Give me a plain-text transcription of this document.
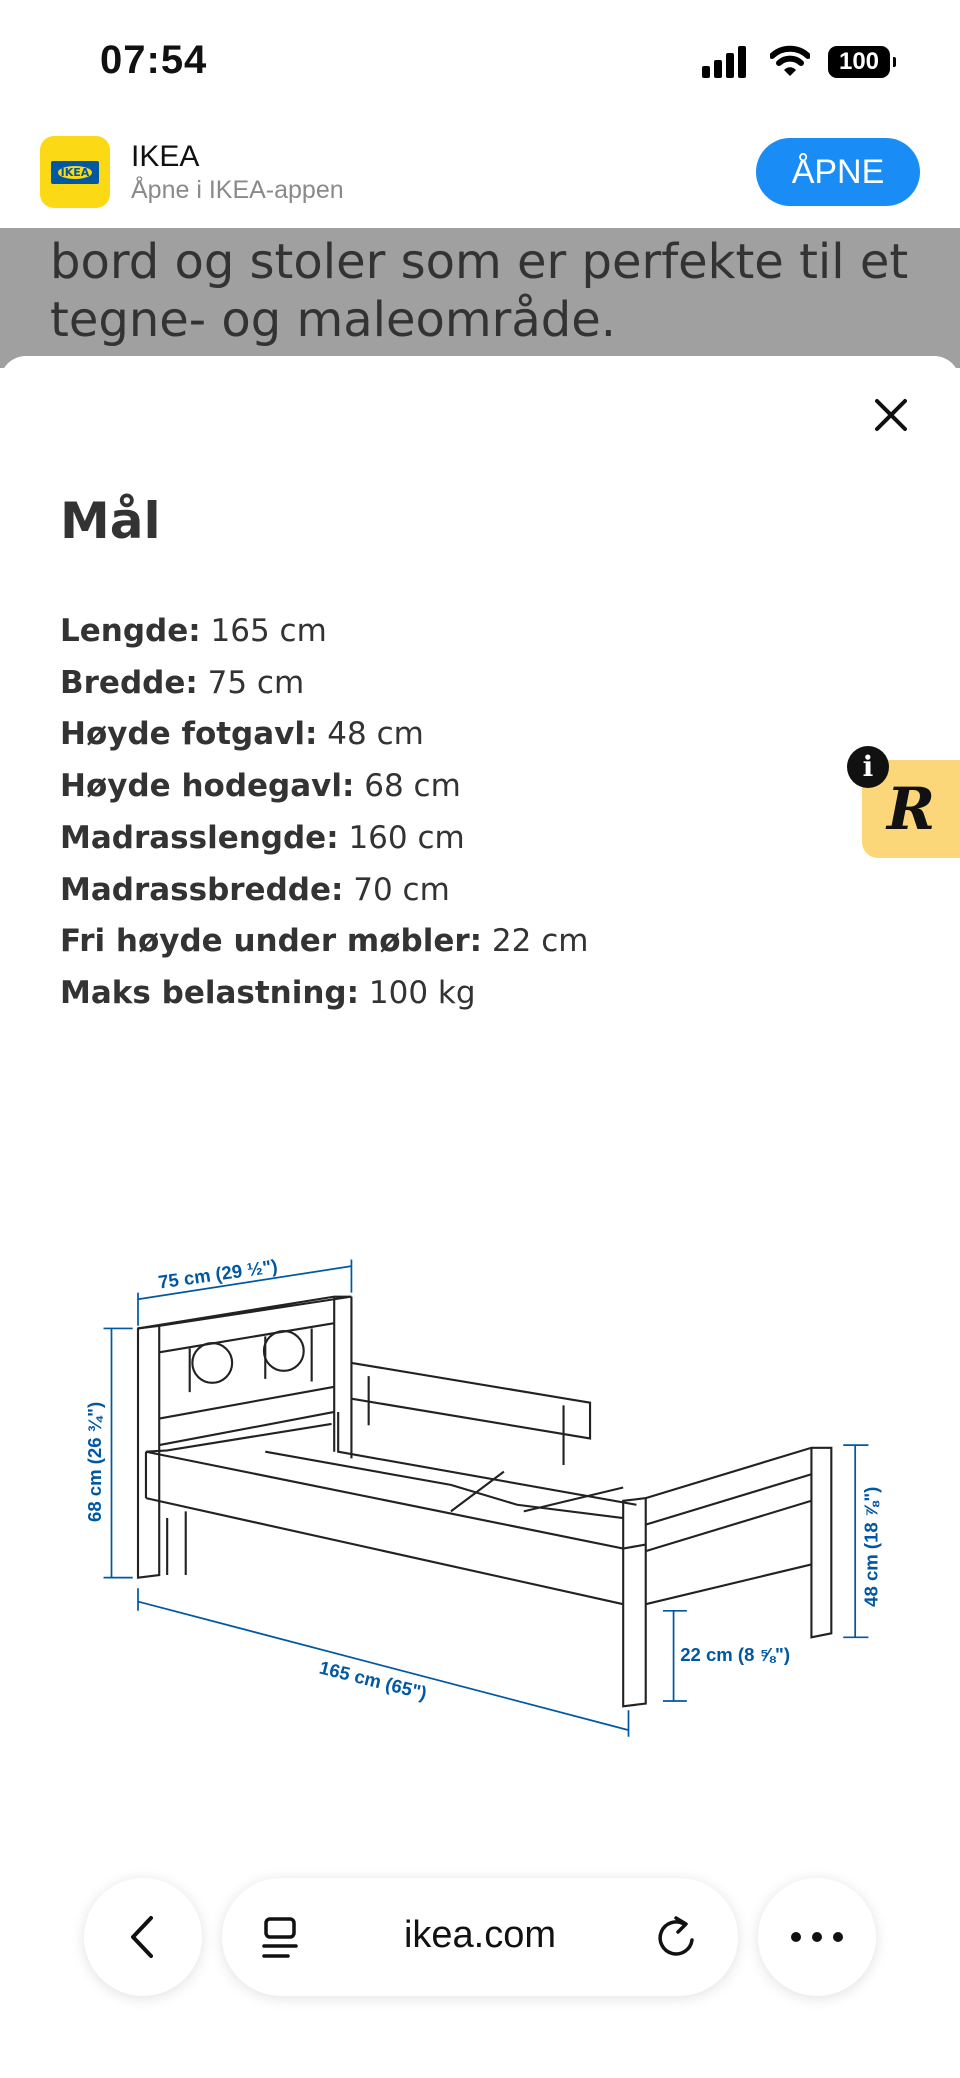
07:54	100
IKEA	IKEA
Åpne i IKEA-appen	ÅPNE

bord og stoler som er perfekte til et

tegne- og maleområde.

Mål
Lengde: 165 cm
Bredde: 75 cm
Høyde fotgavl: 48 cm
Høyde hodegavl: 68 cm
Madrasslengde: 160 cm
Madrassbredde: 70 cm
Fri høyde under møbler: 22 cm
Maks belastning: 100 kg
R
i
75 cm (29 ½")
68 cm (26 ¾")
165 cm (65")
22 cm (8 ⅝")
48 cm (18 ⅞")
ikea.com
